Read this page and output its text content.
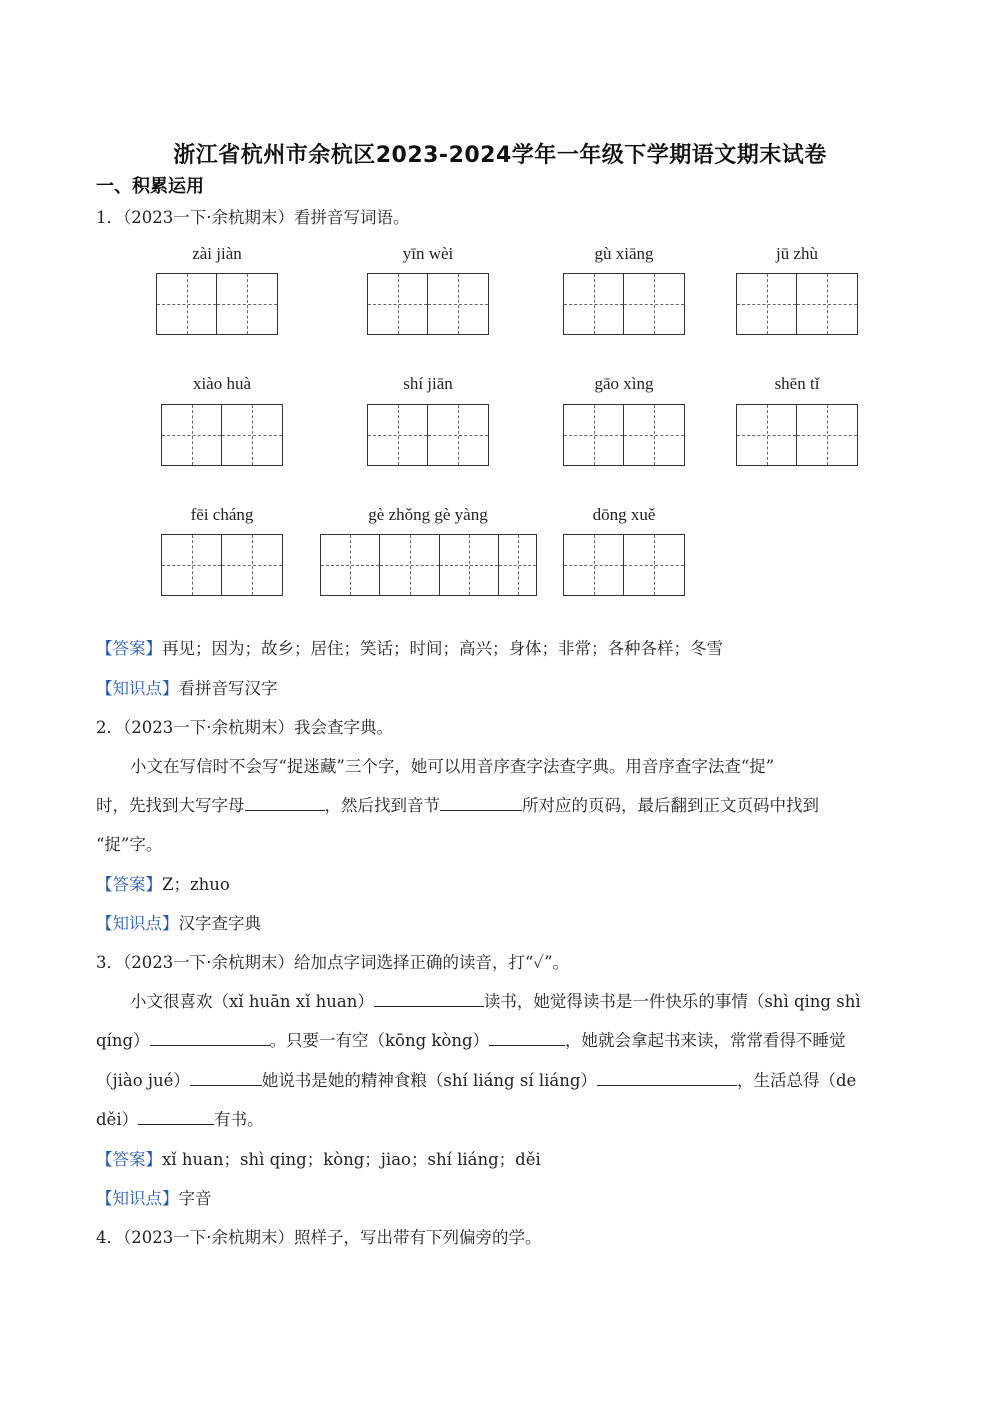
浙江省杭州市余杭区2023-2024学年一年级下学期语文期末试卷
一、积累运用
1．（2023一下·余杭期末）看拼音写词语。
zài jiàn	yīn wèi	gù xiāng	jū zhù
xiào huà	shí jiān	gāo xìng	shēn tǐ
fēi cháng	gè zhǒng gè yàng	dōng xuě
【答案】再见；因为；故乡；居住；笑话；时间；高兴；身体；非常；各种各样；冬雪
【知识点】看拼音写汉字
2．（2023一下·余杭期末）我会查字典。
小文在写信时不会写“捉迷藏”三个字，她可以用音序查字法查字典。用音序查字法查“捉”
时，先找到大写字母	，然后找到音节	所对应的页码，最后翻到正文页码中找到
“捉”字。
【答案】Z；zhuo
【知识点】汉字查字典
3．（2023一下·余杭期末）给加点字词选择正确的读音，打“✓”。
小文很喜欢（xǐ huān xǐ huan）	读书，她觉得读书是一件快乐的事情（shì qing shì
qíng）	。只要一有空（kōng kòng）	，她就会拿起书来读，常常看得不睡觉
（jiào jué）	她说书是她的精神食粮（shí liáng sí liáng）	，生活总得（de
děi）	有书。
【答案】xǐ huan；shì qing；kòng；jiao；shí liáng；děi
【知识点】字音
4．（2023一下·余杭期末）照样子，写出带有下列偏旁的学。
